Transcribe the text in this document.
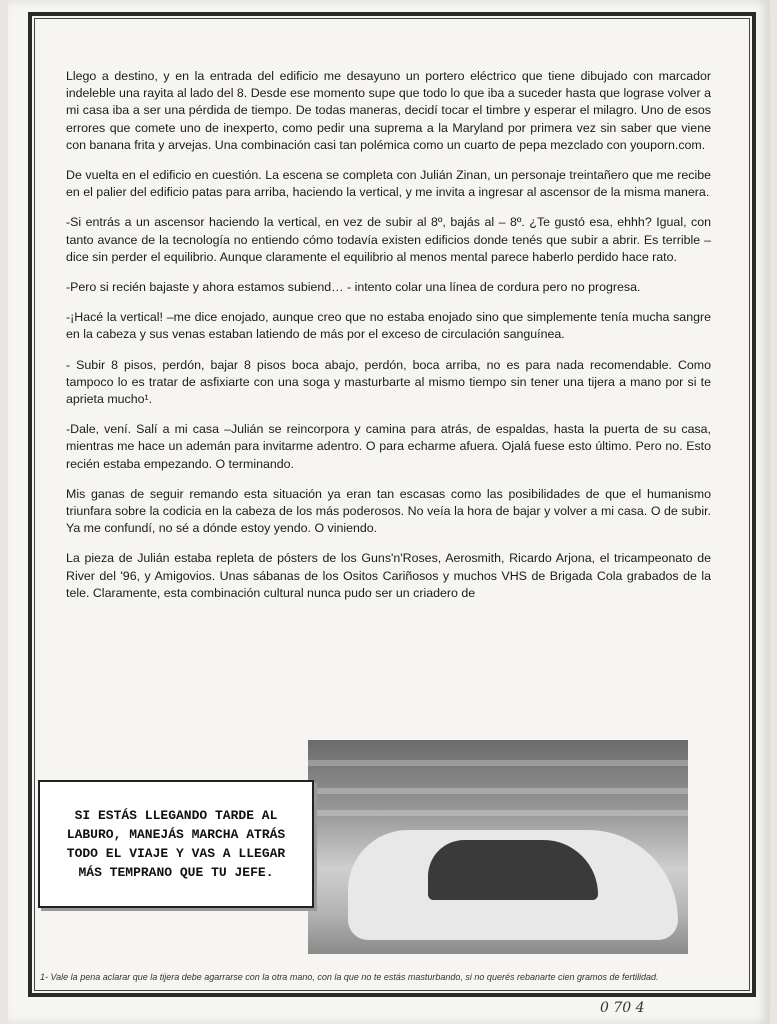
Llego a destino, y en la entrada del edificio me desayuno un portero eléctrico que tiene dibujado con marcador indeleble una rayita al lado del 8. Desde ese momento supe que todo lo que iba a suceder hasta que lograse volver a mi casa iba a ser una pérdida de tiempo. De todas maneras, decidí tocar el timbre y esperar el milagro. Uno de esos errores que comete uno de inexperto, como pedir una suprema a la Maryland por primera vez sin saber que viene con banana frita y arvejas. Una combinación casi tan polémica como un cuarto de pepa mezclado con youporn.com.

De vuelta en el edificio en cuestión. La escena se completa con Julián Zinan, un personaje treintañero que me recibe en el palier del edificio patas para arriba, haciendo la vertical, y me invita a ingresar al ascensor de la misma manera.

-Si entrás a un ascensor haciendo la vertical, en vez de subir al 8º, bajás al – 8º. ¿Te gustó esa, ehhh? Igual, con tanto avance de la tecnología no entiendo cómo todavía existen edificios donde tenés que subir a abrir. Es terrible –dice sin perder el equilibrio. Aunque claramente el equilibrio al menos mental parece haberlo perdido hace rato.

-Pero si recién bajaste y ahora estamos subiend… - intento colar una línea de cordura pero no progresa.

-¡Hacé la vertical! –me dice enojado, aunque creo que no estaba enojado sino que simplemente tenía mucha sangre en la cabeza y sus venas estaban latiendo de más por el exceso de circulación sanguínea.

- Subir 8 pisos, perdón, bajar 8 pisos boca abajo, perdón, boca arriba, no es para nada recomendable. Como tampoco lo es tratar de asfixiarte con una soga y masturbarte al mismo tiempo sin tener una tijera a mano por si te aprieta mucho¹.

-Dale, vení. Salí a mi casa –Julián se reincorpora y camina para atrás, de espaldas, hasta la puerta de su casa, mientras me hace un ademán para invitarme adentro. O para echarme afuera. Ojalá fuese esto último. Pero no. Esto recién estaba empezando. O terminando.

Mis ganas de seguir remando esta situación ya eran tan escasas como las posibilidades de que el humanismo triunfara sobre la codicia en la cabeza de los más poderosos. No veía la hora de bajar y volver a mi casa. O de subir. Ya me confundí, no sé a dónde estoy yendo. O viniendo.

La pieza de Julián estaba repleta de pósters de los Guns'n'Roses, Aerosmith, Ricardo Arjona, el tricampeonato de River del '96, y Amigovios. Unas sábanas de los Ositos Cariñosos y muchos VHS de Brigada Cola grabados de la tele. Claramente, esta combinación cultural nunca pudo ser un criadero de

SI ESTÁS LLEGANDO TARDE AL LABURO, MANEJÁS MARCHA ATRÁS TODO EL VIAJE Y VAS A LLEGAR MÁS TEMPRANO QUE TU JEFE.
1- Vale la pena aclarar que la tijera debe agarrarse con la otra mano, con la que no te estás masturbando, si no querés rebanarte cien gramos de fertilidad.
0 70 4
